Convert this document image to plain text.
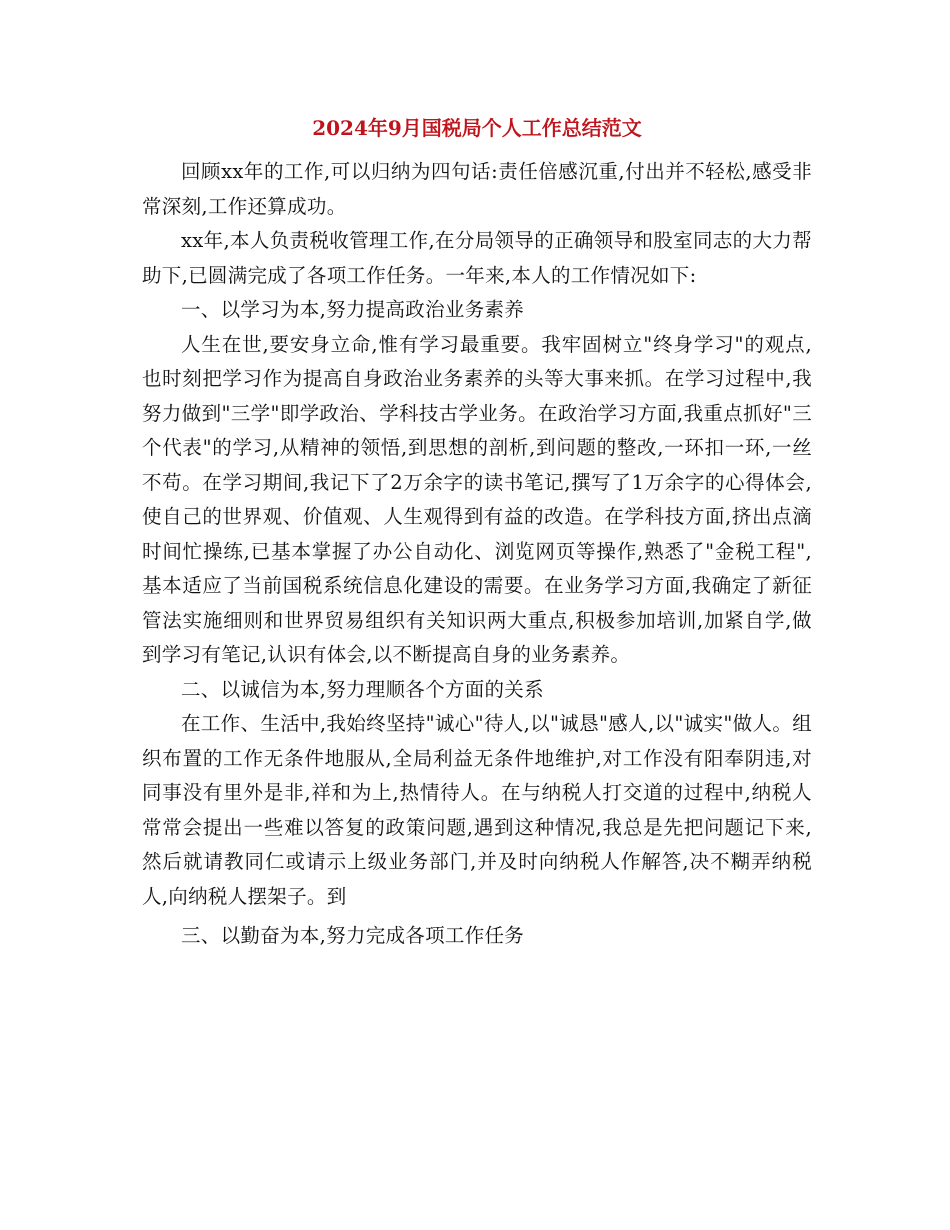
2024年9月国税局个人工作总结范文

回顾xx年的工作,可以归纳为四句话:责任倍感沉重,付出并不轻松,感受非常深刻,工作还算成功。

xx年,本人负责税收管理工作,在分局领导的正确领导和股室同志的大力帮助下,已圆满完成了各项工作任务。一年来,本人的工作情况如下:

一、以学习为本,努力提高政治业务素养

人生在世,要安身立命,惟有学习最重要。我牢固树立"终身学习"的观点,也时刻把学习作为提高自身政治业务素养的头等大事来抓。在学习过程中,我努力做到"三学"即学政治、学科技古学业务。在政治学习方面,我重点抓好"三个代表"的学习,从精神的领悟,到思想的剖析,到问题的整改,一环扣一环,一丝不苟。在学习期间,我记下了2万余字的读书笔记,撰写了1万余字的心得体会,使自己的世界观、价值观、人生观得到有益的改造。在学科技方面,挤出点滴时间忙操练,已基本掌握了办公自动化、浏览网页等操作,熟悉了"金税工程",基本适应了当前国税系统信息化建设的需要。在业务学习方面,我确定了新征管法实施细则和世界贸易组织有关知识两大重点,积极参加培训,加紧自学,做到学习有笔记,认识有体会,以不断提高自身的业务素养。

二、以诚信为本,努力理顺各个方面的关系

在工作、生活中,我始终坚持"诚心"待人,以"诚恳"感人,以"诚实"做人。组织布置的工作无条件地服从,全局利益无条件地维护,对工作没有阳奉阴违,对同事没有里外是非,祥和为上,热情待人。在与纳税人打交道的过程中,纳税人常常会提出一些难以答复的政策问题,遇到这种情况,我总是先把问题记下来,然后就请教同仁或请示上级业务部门,并及时向纳税人作解答,决不糊弄纳税人,向纳税人摆架子。到

三、以勤奋为本,努力完成各项工作任务
